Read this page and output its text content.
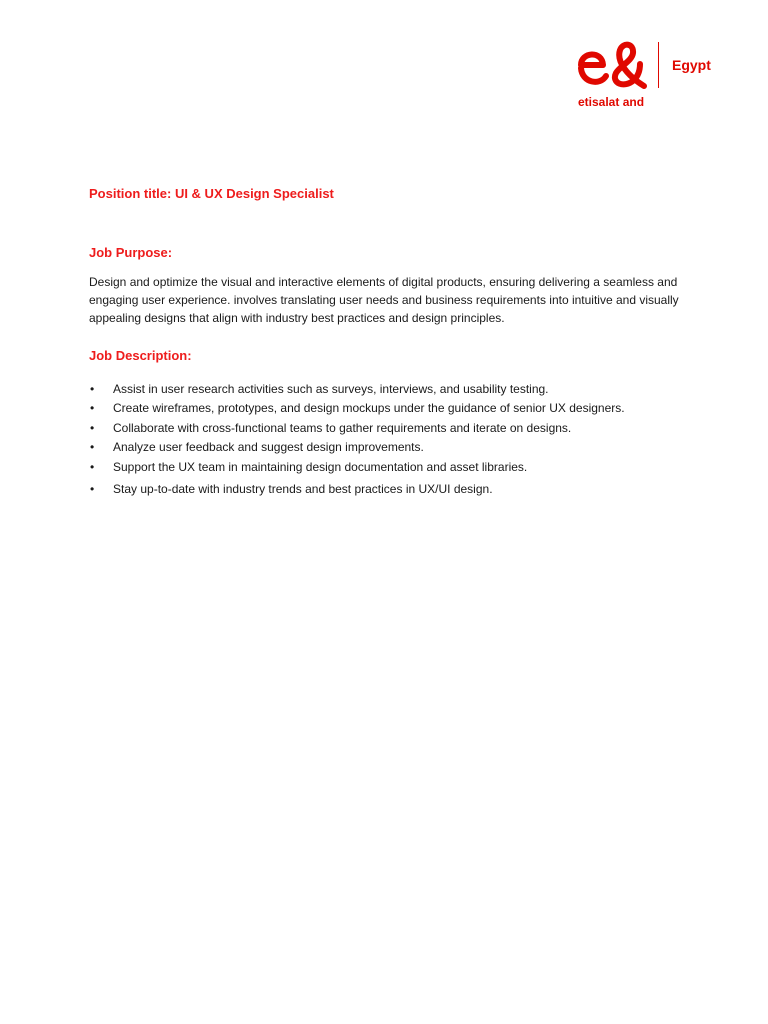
Egypt
etisalat and
Position title: UI & UX Design Specialist
Job Purpose:

Design and optimize the visual and interactive elements of digital products, ensuring delivering a seamless and engaging user experience. involves translating user needs and business requirements into intuitive and visually appealing designs that align with industry best practices and design principles.

Job Description:
• Assist in user research activities such as surveys, interviews, and usability testing.
• Create wireframes, prototypes, and design mockups under the guidance of senior UX designers.
• Collaborate with cross-functional teams to gather requirements and iterate on designs.
• Analyze user feedback and suggest design improvements.
• Support the UX team in maintaining design documentation and asset libraries.
• Stay up-to-date with industry trends and best practices in UX/UI design.
